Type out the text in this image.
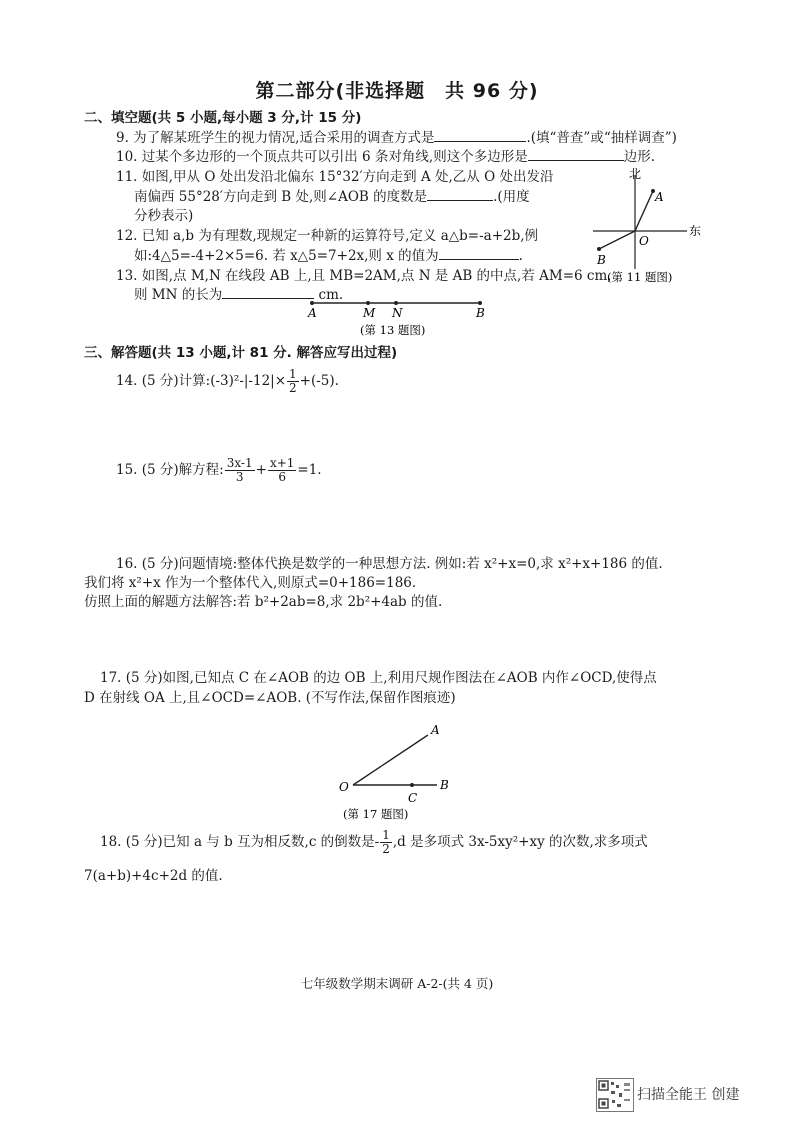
第二部分(非选择题　共 96 分)
二、填空题(共 5 小题,每小题 3 分,计 15 分)
9. 为了解某班学生的视力情况,适合采用的调查方式是	.(填“普查”或“抽样调查”)
10. 过某个多边形的一个顶点共可以引出 6 条对角线,则这个多边形是	边形.
11. 如图,甲从 O 处出发沿北偏东 15°32′方向走到 A 处,乙从 O 处出发沿
南偏西 55°28′方向走到 B 处,则∠AOB 的度数是	.(用度
分秒表示)
12. 已知 a,b 为有理数,现规定一种新的运算符号,定义 a△b=-a+2b,例
如:4△5=-4+2×5=6. 若 x△5=7+2x,则 x 的值为	.
13. 如图,点 M,N 在线段 AB 上,且 MB=2AM,点 N 是 AB 的中点,若 AM=6 cm,
则 MN 的长为	cm.
北
东
A
B
O
(第 11 题图)
A	M N	B
(第 13 题图)
三、解答题(共 13 小题,计 81 分. 解答应写出过程)
14. (5 分)计算:(-3)²-|-12|× $\frac{1}{2} +(-5)$.
15. (5 分)解方程: $\frac{3x-1}{3} + \frac{x+1}{6} =1$.
16. (5 分)问题情境:整体代换是数学的一种思想方法. 例如:若 x²+x=0,求 x²+x+186 的值.
我们将 x²+x 作为一个整体代入,则原式=0+186=186.
仿照上面的解题方法解答:若 b²+2ab=8,求 2b²+4ab 的值.
17. (5 分)如图,已知点 C 在∠AOB 的边 OB 上,利用尺规作图法在∠AOB 内作∠OCD,使得点
D 在射线 OA 上,且∠OCD=∠AOB. (不写作法,保留作图痕迹)
A
O	B
C
(第 17 题图)
18. (5 分)已知 a 与 b 互为相反数,c 的倒数是- $\frac{1}{2} ,d$ 是多项式 3x-5xy²+xy 的次数,求多项式
7(a+b)+4c+2d 的值.
七年级数学期末调研 A-2-(共 4 页)
扫描全能王 创建
